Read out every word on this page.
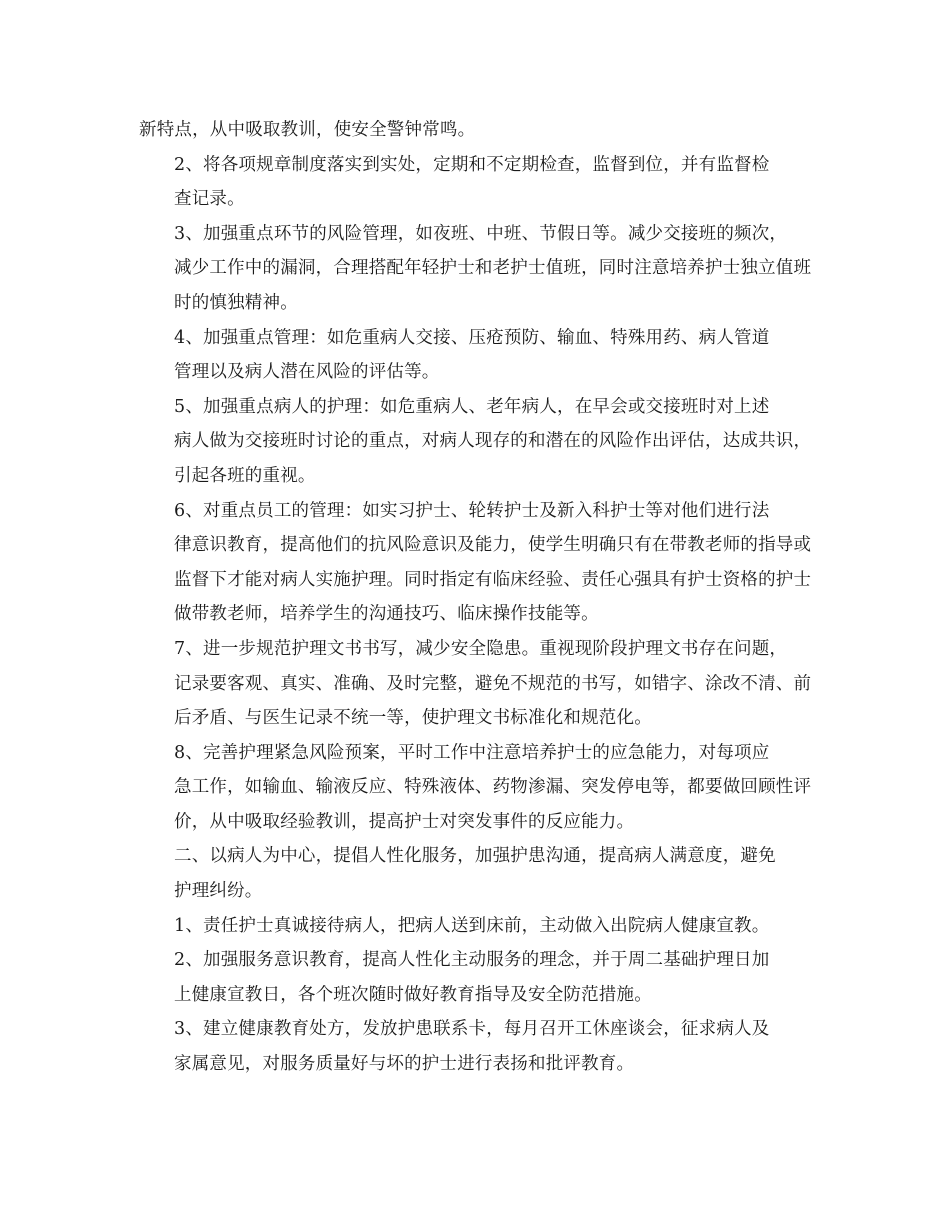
新特点，从中吸取教训，使安全警钟常鸣。
2、将各项规章制度落实到实处，定期和不定期检查，监督到位，并有监督检
查记录。
3、加强重点环节的风险管理，如夜班、中班、节假日等。减少交接班的频次，
减少工作中的漏洞，合理搭配年轻护士和老护士值班，同时注意培养护士独立值班
时的慎独精神。
4、加强重点管理：如危重病人交接、压疮预防、输血、特殊用药、病人管道
管理以及病人潜在风险的评估等。
5、加强重点病人的护理：如危重病人、老年病人，在早会或交接班时对上述
病人做为交接班时讨论的重点，对病人现存的和潜在的风险作出评估，达成共识，
引起各班的重视。
6、对重点员工的管理：如实习护士、轮转护士及新入科护士等对他们进行法
律意识教育，提高他们的抗风险意识及能力，使学生明确只有在带教老师的指导或
监督下才能对病人实施护理。同时指定有临床经验、责任心强具有护士资格的护士
做带教老师，培养学生的沟通技巧、临床操作技能等。
7、进一步规范护理文书书写，减少安全隐患。重视现阶段护理文书存在问题，
记录要客观、真实、准确、及时完整，避免不规范的书写，如错字、涂改不清、前
后矛盾、与医生记录不统一等，使护理文书标准化和规范化。
8、完善护理紧急风险预案，平时工作中注意培养护士的应急能力，对每项应
急工作，如输血、输液反应、特殊液体、药物渗漏、突发停电等，都要做回顾性评
价，从中吸取经验教训，提高护士对突发事件的反应能力。
二、以病人为中心，提倡人性化服务，加强护患沟通，提高病人满意度，避免
护理纠纷。
1、责任护士真诚接待病人，把病人送到床前，主动做入出院病人健康宣教。
2、加强服务意识教育，提高人性化主动服务的理念，并于周二基础护理日加
上健康宣教日，各个班次随时做好教育指导及安全防范措施。
3、建立健康教育处方，发放护患联系卡，每月召开工休座谈会，征求病人及
家属意见，对服务质量好与坏的护士进行表扬和批评教育。
